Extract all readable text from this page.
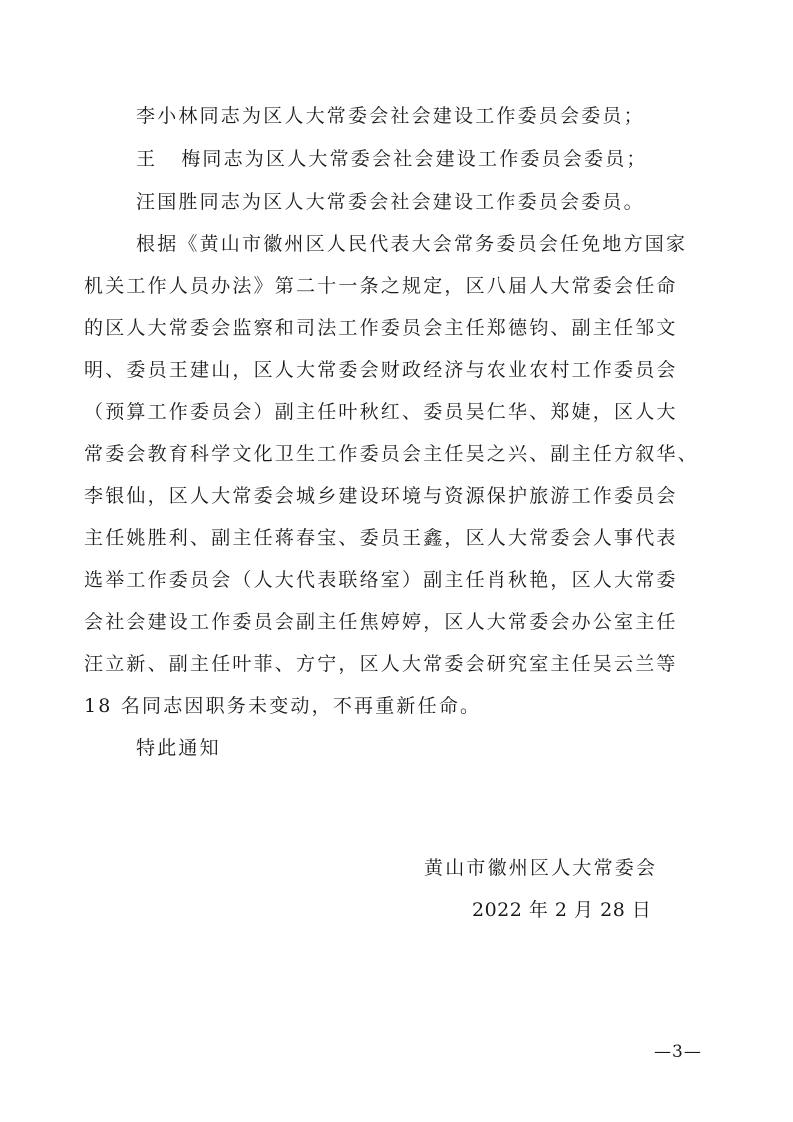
李小林同志为区人大常委会社会建设工作委员会委员；
王 梅同志为区人大常委会社会建设工作委员会委员；
汪国胜同志为区人大常委会社会建设工作委员会委员。
根据《黄山市徽州区人民代表大会常务委员会任免地方国家
机关工作人员办法》第二十一条之规定，区八届人大常委会任命
的区人大常委会监察和司法工作委员会主任郑德钧、副主任邹文
明、委员王建山，区人大常委会财政经济与农业农村工作委员会
（预算工作委员会）副主任叶秋红、委员吴仁华、郑婕，区人大
常委会教育科学文化卫生工作委员会主任吴之兴、副主任方叙华、
李银仙，区人大常委会城乡建设环境与资源保护旅游工作委员会
主任姚胜利、副主任蒋春宝、委员王鑫，区人大常委会人事代表
选举工作委员会（人大代表联络室）副主任肖秋艳，区人大常委
会社会建设工作委员会副主任焦婷婷，区人大常委会办公室主任
汪立新、副主任叶菲、方宁，区人大常委会研究室主任吴云兰等
18 名同志因职务未变动，不再重新任命。
特此通知
黄山市徽州区人大常委会
2022 年 2 月 28 日
—3—
